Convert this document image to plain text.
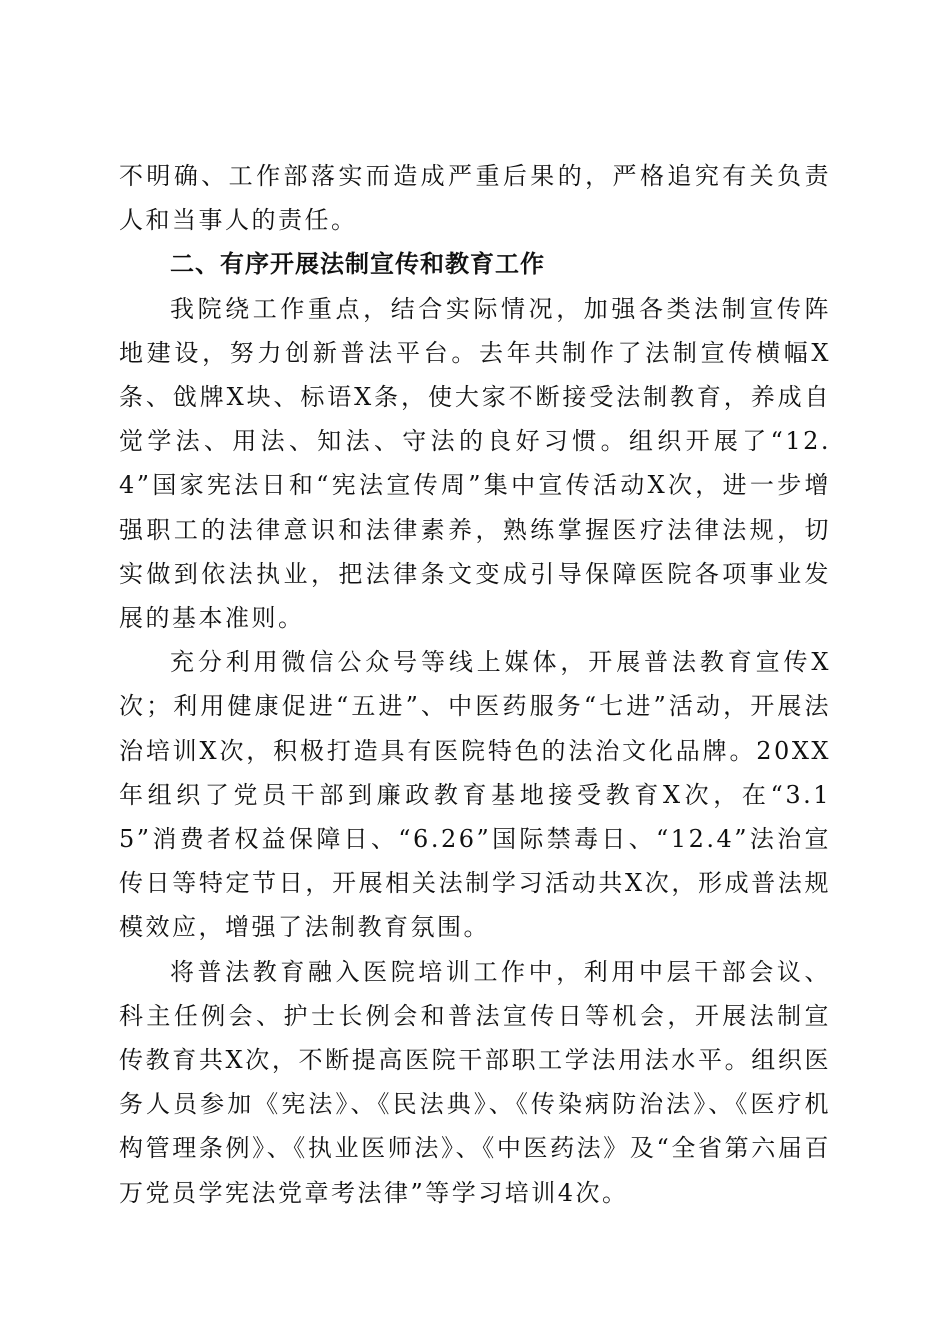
不明确、工作部落实而造成严重后果的，严格追究有关负责人和当事人的责任。

二、有序开展法制宣传和教育工作

我院绕工作重点，结合实际情况，加强各类法制宣传阵地建设，努力创新普法平台。去年共制作了法制宣传横幅X条、戗牌X块、标语X条，使大家不断接受法制教育，养成自觉学法、用法、知法、守法的良好习惯。组织开展了“12.4”国家宪法日和“宪法宣传周”集中宣传活动X次，进一步增强职工的法律意识和法律素养，熟练掌握医疗法律法规，切实做到依法执业，把法律条文变成引导保障医院各项事业发展的基本准则。

充分利用微信公众号等线上媒体，开展普法教育宣传X次；利用健康促进“五进”、中医药服务“七进”活动，开展法治培训X次，积极打造具有医院特色的法治文化品牌。20XX年组织了党员干部到廉政教育基地接受教育X次，在“3.15”消费者权益保障日、“6.26”国际禁毒日、“12.4”法治宣传日等特定节日，开展相关法制学习活动共X次，形成普法规模效应，增强了法制教育氛围。

将普法教育融入医院培训工作中，利用中层干部会议、科主任例会、护士长例会和普法宣传日等机会，开展法制宣传教育共X次，不断提高医院干部职工学法用法水平。组织医务人员参加《宪法》、《民法典》、《传染病防治法》、《医疗机构管理条例》、《执业医师法》、《中医药法》及“全省第六届百万党员学宪法党章考法律”等学习培训4次。
